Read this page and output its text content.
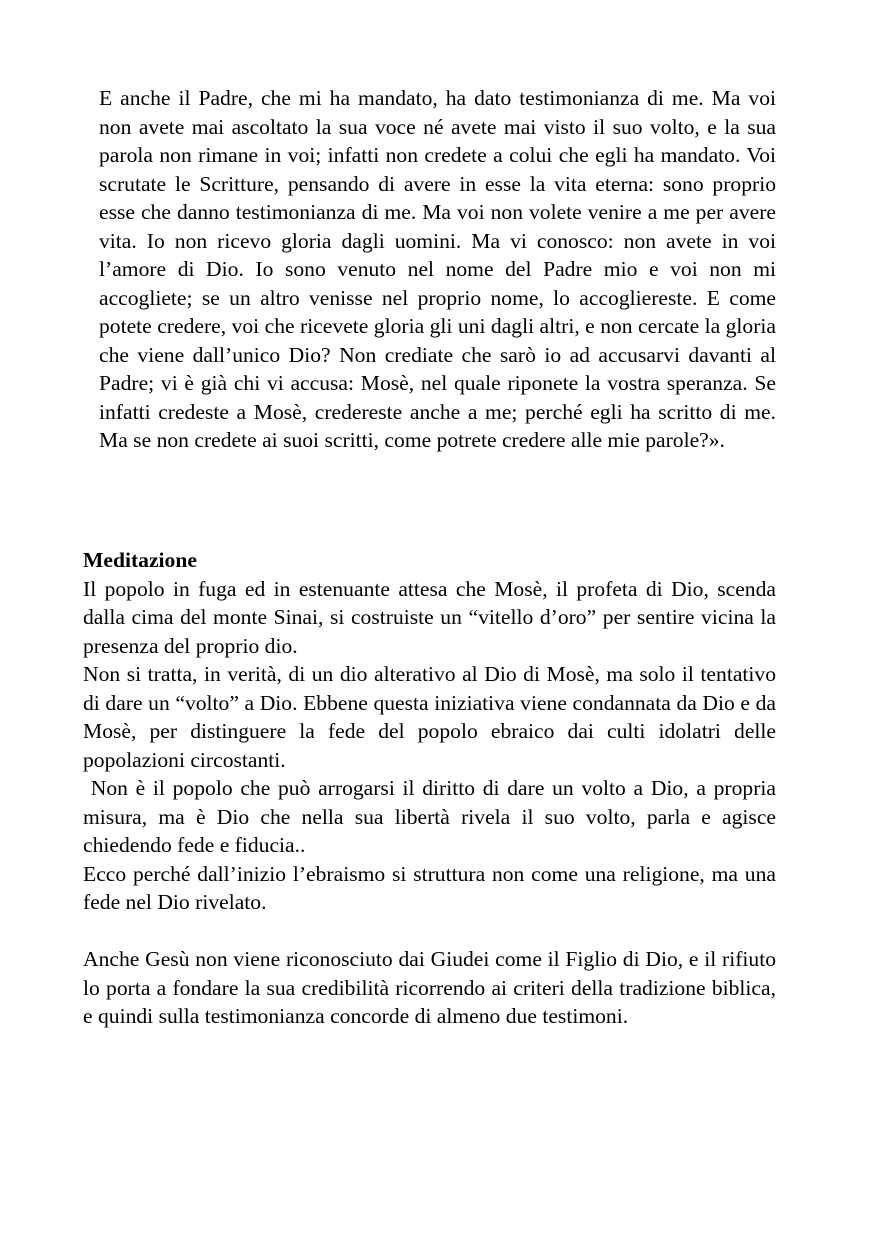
E anche il Padre, che mi ha mandato, ha dato testimonianza di me. Ma voi non avete mai ascoltato la sua voce né avete mai visto il suo volto, e la sua parola non rimane in voi; infatti non credete a colui che egli ha mandato. Voi scrutate le Scritture, pensando di avere in esse la vita eterna: sono proprio esse che danno testimonianza di me. Ma voi non volete venire a me per avere vita. Io non ricevo gloria dagli uomini. Ma vi conosco: non avete in voi l’amore di Dio. Io sono venuto nel nome del Padre mio e voi non mi accogliete; se un altro venisse nel proprio nome, lo accogliereste. E come potete credere, voi che ricevete gloria gli uni dagli altri, e non cercate la gloria che viene dall’unico Dio? Non crediate che sarò io ad accusarvi davanti al Padre; vi è già chi vi accusa: Mosè, nel quale riponete la vostra speranza. Se infatti credeste a Mosè, credereste anche a me; perché egli ha scritto di me. Ma se non credete ai suoi scritti, come potrete credere alle mie parole?».

Meditazione

Il popolo in fuga ed in estenuante attesa che Mosè, il profeta di Dio, scenda dalla cima del monte Sinai, si costruiste un “vitello d’oro” per sentire vicina la presenza del proprio dio.

Non si tratta, in verità, di un dio alterativo al Dio di Mosè, ma solo il tentativo di dare un “volto” a Dio. Ebbene questa iniziativa viene condannata da Dio e da Mosè, per distinguere la fede del popolo ebraico dai culti idolatri delle popolazioni circostanti.

Non è il popolo che può arrogarsi il diritto di dare un volto a Dio, a propria misura, ma è Dio che nella sua libertà rivela il suo volto, parla e agisce chiedendo fede e fiducia..

Ecco perché dall’inizio l’ebraismo si struttura non come una religione, ma una fede nel Dio rivelato.

Anche Gesù non viene riconosciuto dai Giudei come il Figlio di Dio, e il rifiuto lo porta a fondare la sua credibilità ricorrendo ai criteri della tradizione biblica, e quindi sulla testimonianza concorde di almeno due testimoni.
